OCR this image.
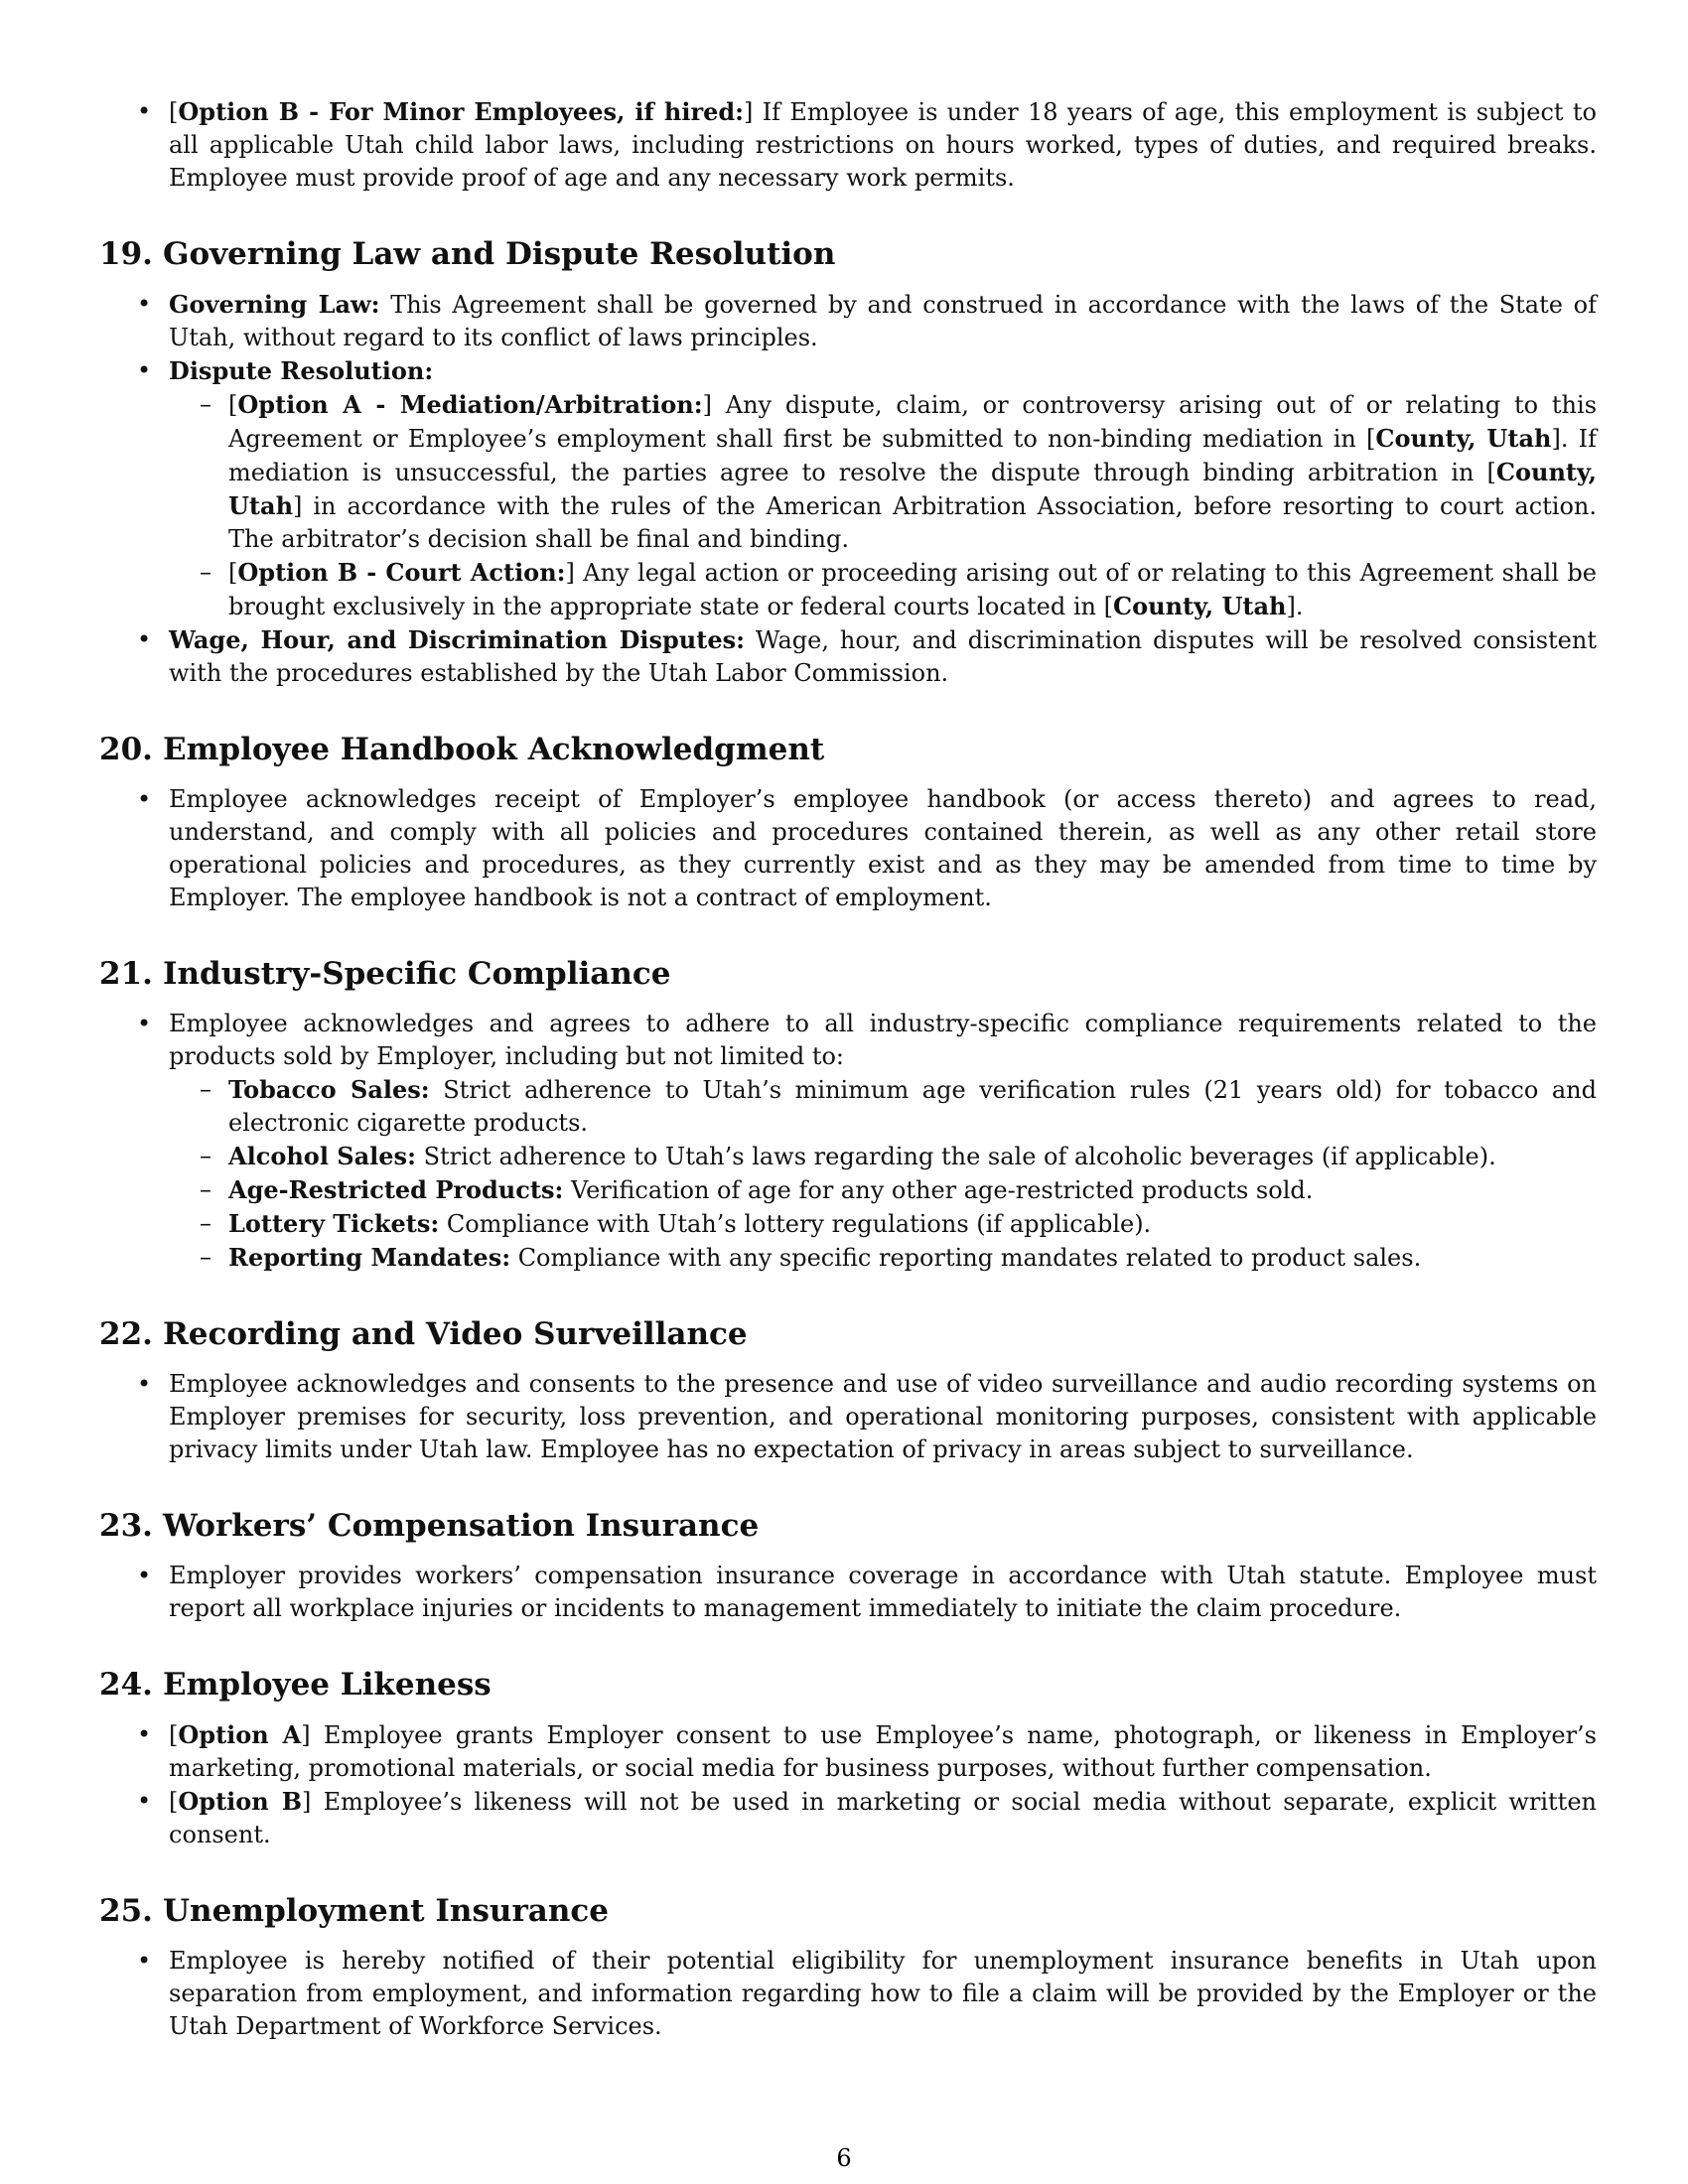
• [Option B - For Minor Employees, if hired:] If Employee is under 18 years of age, this employment is subject to all applicable Utah child labor laws, including restrictions on hours worked, types of duties, and required breaks. Employee must provide proof of age and any necessary work permits.
19. Governing Law and Dispute Resolution
• Governing Law: This Agreement shall be governed by and construed in accordance with the laws of the State of Utah, without regard to its conflict of laws principles.
• Dispute Resolution:
– [Option A - Mediation/Arbitration:] Any dispute, claim, or controversy arising out of or relating to this Agreement or Employee’s employment shall first be submitted to non-binding mediation in [County, Utah]. If mediation is unsuccessful, the parties agree to resolve the dispute through binding arbitration in [County, Utah] in accordance with the rules of the American Arbitration Association, before resorting to court action. The arbitrator’s decision shall be final and binding.
– [Option B - Court Action:] Any legal action or proceeding arising out of or relating to this Agreement shall be brought exclusively in the appropriate state or federal courts located in [County, Utah].
• Wage, Hour, and Discrimination Disputes: Wage, hour, and discrimination disputes will be resolved consistent with the procedures established by the Utah Labor Commission.
20. Employee Handbook Acknowledgment
• Employee acknowledges receipt of Employer’s employee handbook (or access thereto) and agrees to read, understand, and comply with all policies and procedures contained therein, as well as any other retail store operational policies and procedures, as they currently exist and as they may be amended from time to time by Employer. The employee handbook is not a contract of employment.
21. Industry-Specific Compliance
• Employee acknowledges and agrees to adhere to all industry-specific compliance requirements related to the products sold by Employer, including but not limited to:
– Tobacco Sales: Strict adherence to Utah’s minimum age verification rules (21 years old) for tobacco and electronic cigarette products.
– Alcohol Sales: Strict adherence to Utah’s laws regarding the sale of alcoholic beverages (if applicable).
– Age-Restricted Products: Verification of age for any other age-restricted products sold.
– Lottery Tickets: Compliance with Utah’s lottery regulations (if applicable).
– Reporting Mandates: Compliance with any specific reporting mandates related to product sales.
22. Recording and Video Surveillance
• Employee acknowledges and consents to the presence and use of video surveillance and audio recording systems on Employer premises for security, loss prevention, and operational monitoring purposes, consistent with applicable privacy limits under Utah law. Employee has no expectation of privacy in areas subject to surveillance.
23. Workers’ Compensation Insurance
• Employer provides workers’ compensation insurance coverage in accordance with Utah statute. Employee must report all workplace injuries or incidents to management immediately to initiate the claim procedure.
24. Employee Likeness
• [Option A] Employee grants Employer consent to use Employee’s name, photograph, or likeness in Employer’s marketing, promotional materials, or social media for business purposes, without further compensation.
• [Option B] Employee’s likeness will not be used in marketing or social media without separate, explicit written consent.
25. Unemployment Insurance
• Employee is hereby notified of their potential eligibility for unemployment insurance benefits in Utah upon separation from employment, and information regarding how to file a claim will be provided by the Employer or the Utah Department of Workforce Services.
6
